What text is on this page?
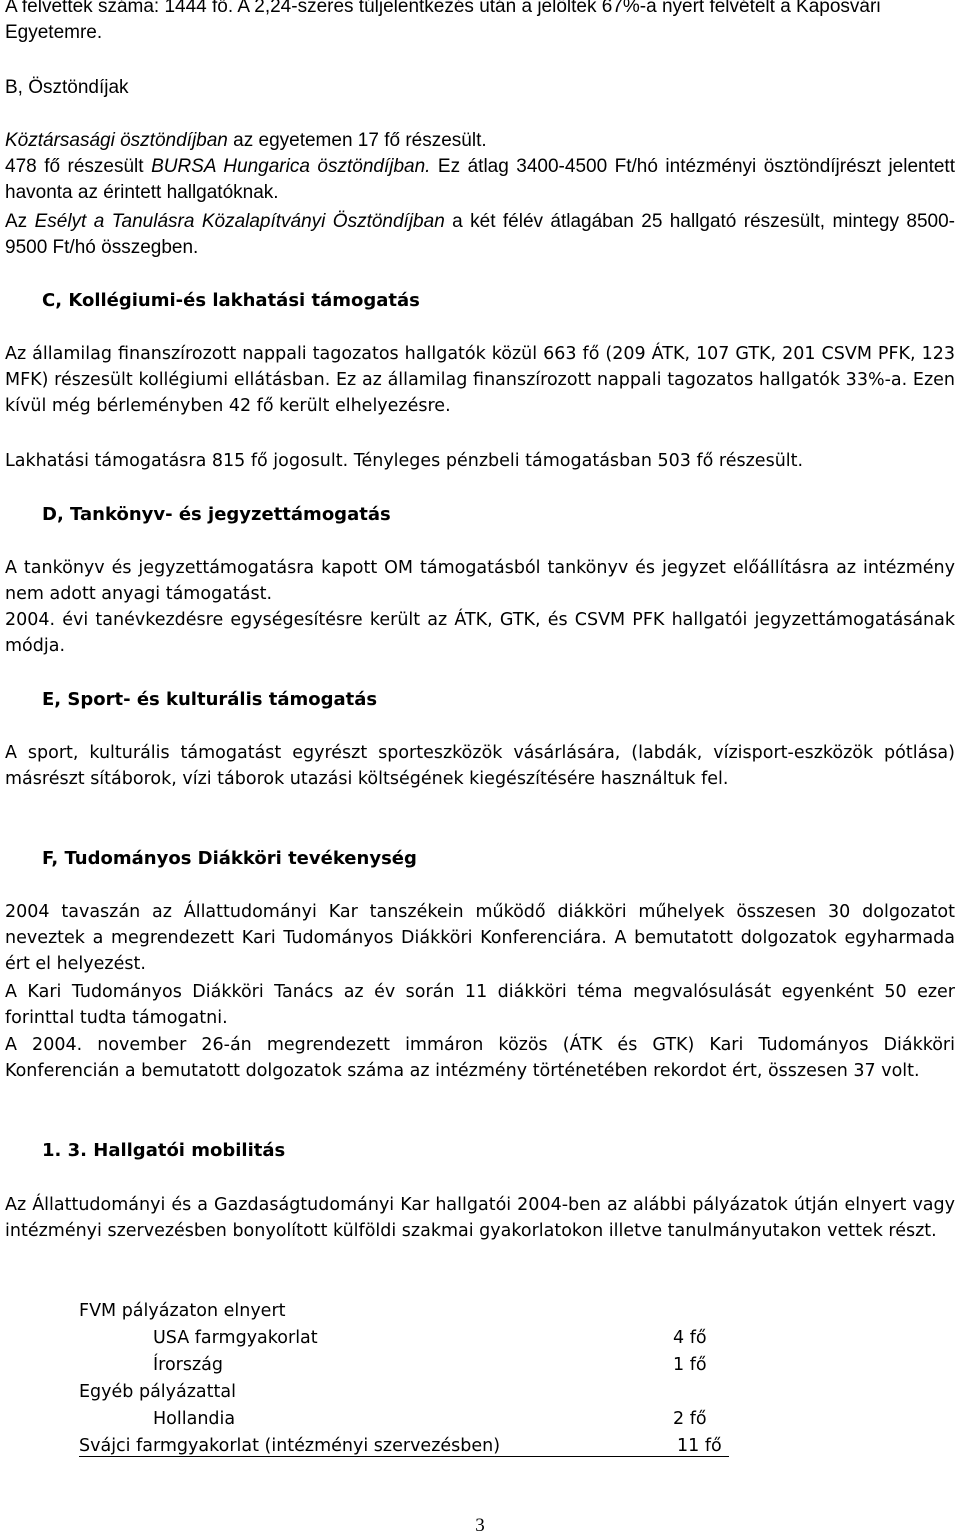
A felvettek száma: 1444 fő. A 2,24-szeres túljelentkezés után a jelöltek 67%-a nyert felvételt a Kaposvári Egyetemre.

B, Ösztöndíjak

Köztársasági ösztöndíjban az egyetemen 17 fő részesült.

478 fő részesült BURSA Hungarica ösztöndíjban. Ez átlag 3400-4500 Ft/hó intézményi ösztöndíjrészt jelentett havonta az érintett hallgatóknak.

Az Esélyt a Tanulásra Közalapítványi Ösztöndíjban a két félév átlagában 25 hallgató részesült, mintegy 8500-9500 Ft/hó összegben.

C, Kollégiumi-és lakhatási támogatás

Az államilag finanszírozott nappali tagozatos hallgatók közül 663 fő (209 ÁTK, 107 GTK, 201 CSVM PFK, 123 MFK) részesült kollégiumi ellátásban. Ez az államilag finanszírozott nappali tagozatos hallgatók 33%-a. Ezen kívül még bérleményben 42 fő került elhelyezésre.

Lakhatási támogatásra 815 fő jogosult. Tényleges pénzbeli támogatásban 503 fő részesült.

D, Tankönyv- és jegyzettámogatás

A tankönyv és jegyzettámogatásra kapott OM támogatásból tankönyv és jegyzet előállításra az intézmény nem adott anyagi támogatást.

2004. évi tanévkezdésre egységesítésre került az ÁTK, GTK, és CSVM PFK hallgatói jegyzettámogatásának módja.

E, Sport- és kulturális támogatás

A sport, kulturális támogatást egyrészt sporteszközök vásárlására, (labdák, vízisport-eszközök pótlása) másrészt sítáborok, vízi táborok utazási költségének kiegészítésére használtuk fel.

F, Tudományos Diákköri tevékenység

2004 tavaszán az Állattudományi Kar tanszékein működő diákköri műhelyek összesen 30 dolgozatot neveztek a megrendezett Kari Tudományos Diákköri Konferenciára. A bemutatott dolgozatok egyharmada ért el helyezést.

A Kari Tudományos Diákköri Tanács az év során 11 diákköri téma megvalósulását egyenként 50 ezer forinttal tudta támogatni.

A 2004. november 26-án megrendezett immáron közös (ÁTK és GTK) Kari Tudományos Diákköri Konferencián a bemutatott dolgozatok száma az intézmény történetében rekordot ért, összesen 37 volt.

1. 3. Hallgatói mobilitás

Az Állattudományi és a Gazdaságtudományi Kar hallgatói 2004-ben az alábbi pályázatok útján elnyert vagy intézményi szervezésben bonyolított külföldi szakmai gyakorlatokon illetve tanulmányutakon vettek részt.

FVM pályázaton elnyert
USA farmgyakorlat	4 fő
Írország	1 fő
Egyéb pályázattal
Hollandia	2 fő
Svájci farmgyakorlat (intézményi szervezésben)	11 fő
3
